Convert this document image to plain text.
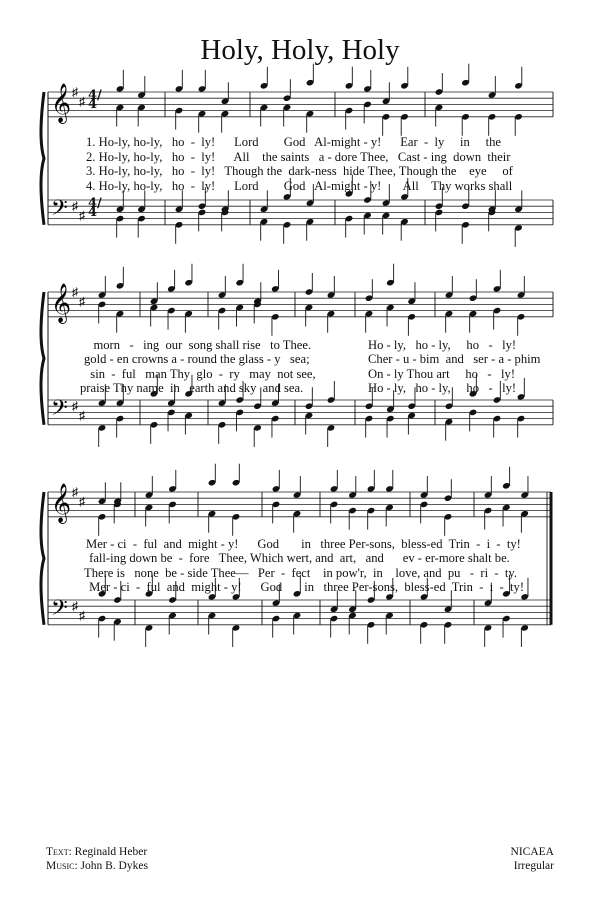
Holy, Holy, Holy
𝄞 ♯
♯
𝄢 ♯
♯
𝄞 ♯
♯
𝄢 ♯
♯
𝄞 ♯
♯
𝄢 ♯
♯
4/4
4/4
1. Ho-ly, ho-ly,   ho  -  ly!      Lord        God   Al-might - y!      Ear  -  ly     in     the
2. Ho-ly, ho-ly,   ho  -  ly!      All    the saints   a - dore Thee,   Cast - ing  down  their
3. Ho-ly, ho-ly,   ho  -  ly!   Though the  dark-ness  hide Thee, Though the    eye     of
4. Ho-ly, ho-ly,   ho  -  ly!      Lord        God   Al-might - y!       All    Thy works shall
morn   -   ing  our  song shall rise   to Thee.
gold - en crowns a - round the glass - y   sea;
sin  -  ful   man Thy  glo  -  ry   may  not see,
praise Thy name  in   earth and sky  and sea.
Ho - ly,   ho - ly,     ho   -   ly!
Cher - u - bim  and   ser - a - phim
On - ly Thou art     ho   -   ly!
Ho - ly,   ho - ly,     ho   -   ly!
Mer - ci  -  ful  and  might - y!      God       in   three Per-sons,  bless-ed  Trin  -  i  -  ty!
fall-ing down be  -  fore   Thee, Which wert, and  art,   and      ev - er-more shalt be.
There is   none  be - side Thee—   Per  -  fect    in pow'r,  in    love, and  pu   -  ri  -  ty.
Mer - ci  -  ful  and  might - y!      God       in   three Per-sons,  bless-ed  Trin  -  i  -  ty!
Text: Reginald Heber
Music: John B. Dykes
NICAEA
Irregular
